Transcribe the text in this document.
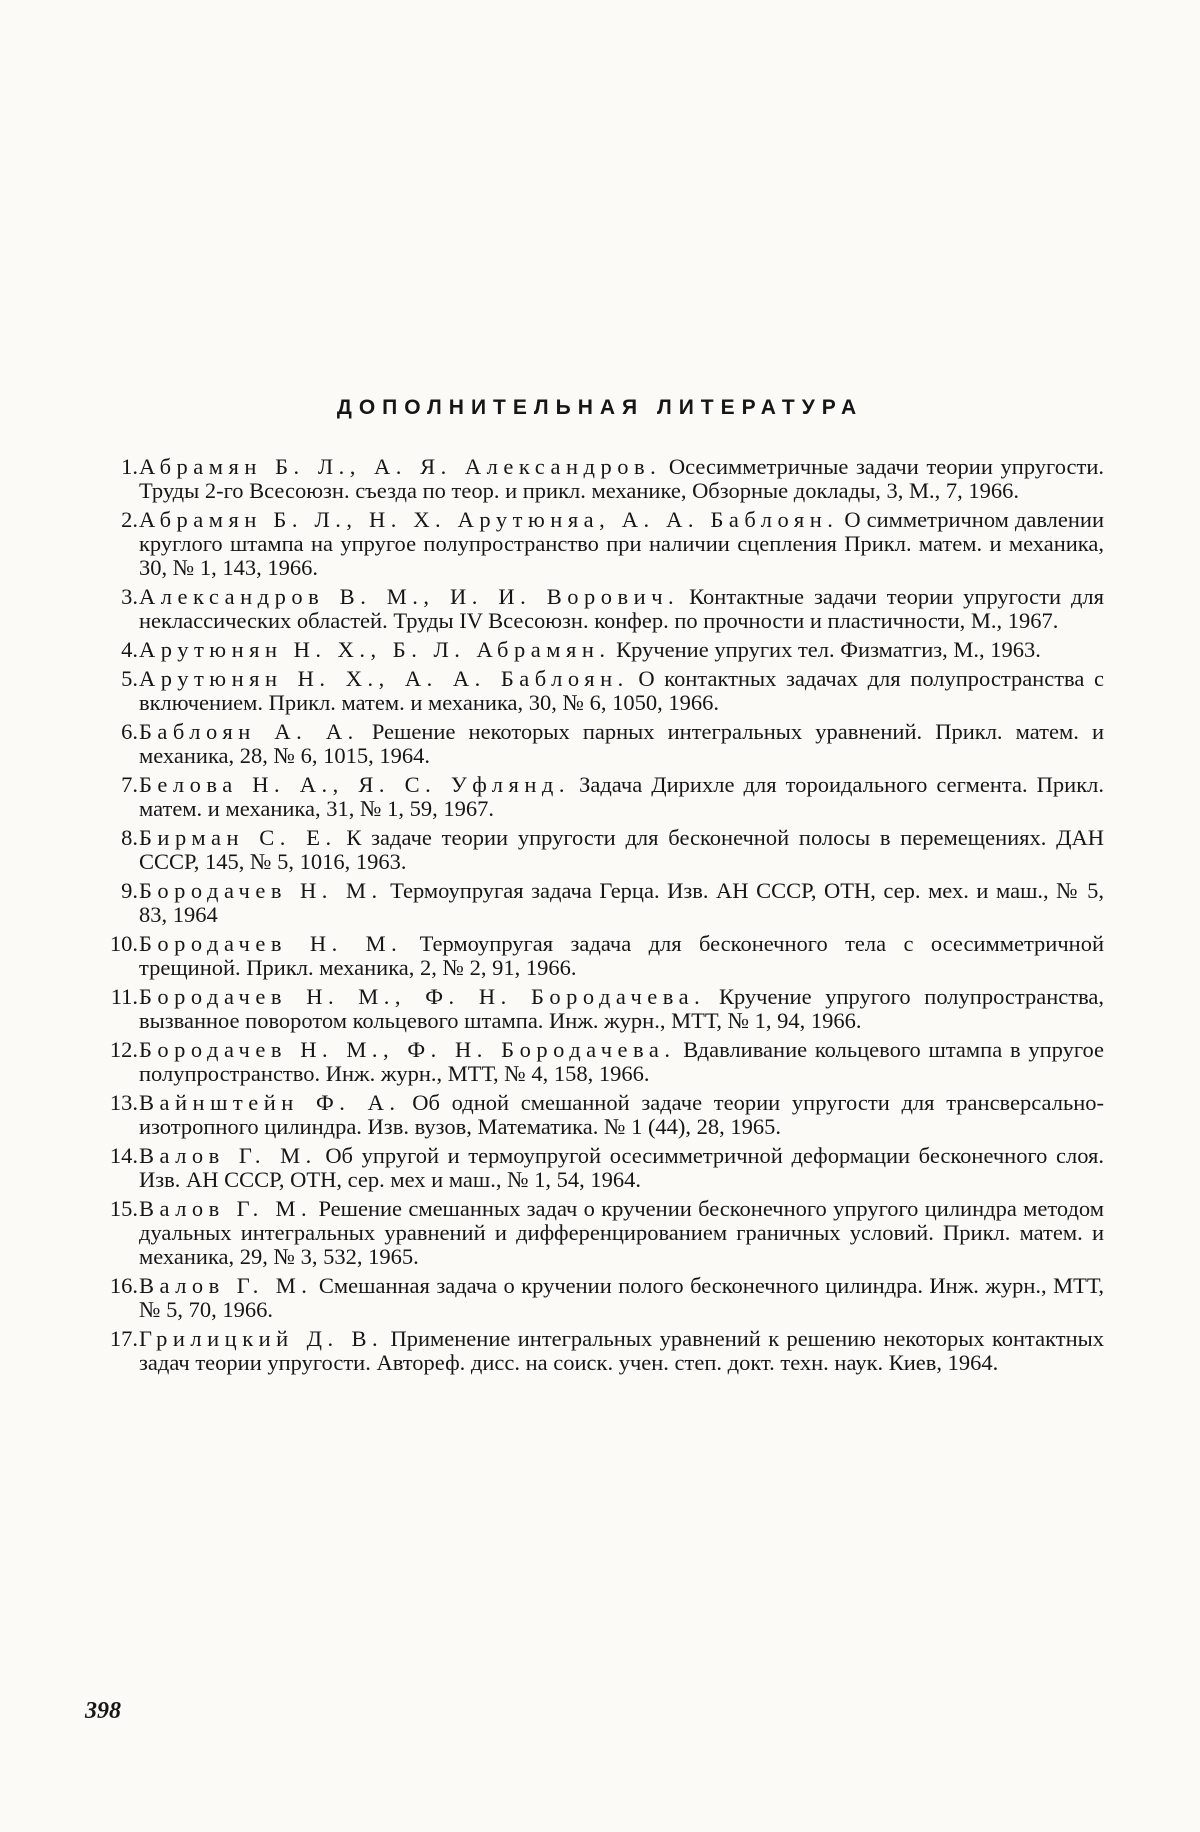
ДОПОЛНИТЕЛЬНАЯ ЛИТЕРАТУРА
1. Абрамян Б. Л., А. Я. Александров. Осесимметричные задачи теории упругости. Труды 2-го Всесоюзн. съезда по теор. и прикл. механике, Обзорные доклады, 3, М., 7, 1966.
2. Абрамян Б. Л., Н. Х. Арутюняа, А. А. Баблоян. О симметричном давлении круглого штампа на упругое полупространство при наличии сцепления Прикл. матем. и механика, 30, № 1, 143, 1966.
3. Александров В. М., И. И. Ворович. Контактные задачи теории упругости для неклассических областей. Труды IV Всесоюзн. конфер. по прочности и пластичности, М., 1967.
4. Арутюнян Н. Х., Б. Л. Абрамян. Кручение упругих тел. Физматгиз, М., 1963.
5. Арутюнян Н. Х., А. А. Баблоян. О контактных задачах для полупространства с включением. Прикл. матем. и механика, 30, № 6, 1050, 1966.
6. Баблоян А. А. Решение некоторых парных интегральных уравнений. Прикл. матем. и механика, 28, № 6, 1015, 1964.
7. Белова Н. А., Я. С. Уфлянд. Задача Дирихле для тороидального сегмента. Прикл. матем. и механика, 31, № 1, 59, 1967.
8. Бирман С. Е. К задаче теории упругости для бесконечной полосы в перемещениях. ДАН СССР, 145, № 5, 1016, 1963.
9. Бородачев Н. М. Термоупругая задача Герца. Изв. АН СССР, ОТН, сер. мех. и маш., № 5, 83, 1964
10. Бородачев Н. М. Термоупругая задача для бесконечного тела с осесимметричной трещиной. Прикл. механика, 2, № 2, 91, 1966.
11. Бородачев Н. М., Ф. Н. Бородачева. Кручение упругого полупространства, вызванное поворотом кольцевого штампа. Инж. журн., МТТ, № 1, 94, 1966.
12. Бородачев Н. М., Ф. Н. Бородачева. Вдавливание кольцевого штампа в упругое полупространство. Инж. журн., МТТ, № 4, 158, 1966.
13. Вайнштейн Ф. А. Об одной смешанной задаче теории упругости для трансверсально-изотропного цилиндра. Изв. вузов, Математика. № 1 (44), 28, 1965.
14. Валов Г. М. Об упругой и термоупругой осесимметричной деформации бесконечного слоя. Изв. АН СССР, ОТН, сер. мех и маш., № 1, 54, 1964.
15. Валов Г. М. Решение смешанных задач о кручении бесконечного упругого цилиндра методом дуальных интегральных уравнений и дифференцированием граничных условий. Прикл. матем. и механика, 29, № 3, 532, 1965.
16. Валов Г. М. Смешанная задача о кручении полого бесконечного цилиндра. Инж. журн., МТТ, № 5, 70, 1966.
17. Грилицкий Д. В. Применение интегральных уравнений к решению некоторых контактных задач теории упругости. Автореф. дисс. на соиск. учен. степ. докт. техн. наук. Киев, 1964.
398
